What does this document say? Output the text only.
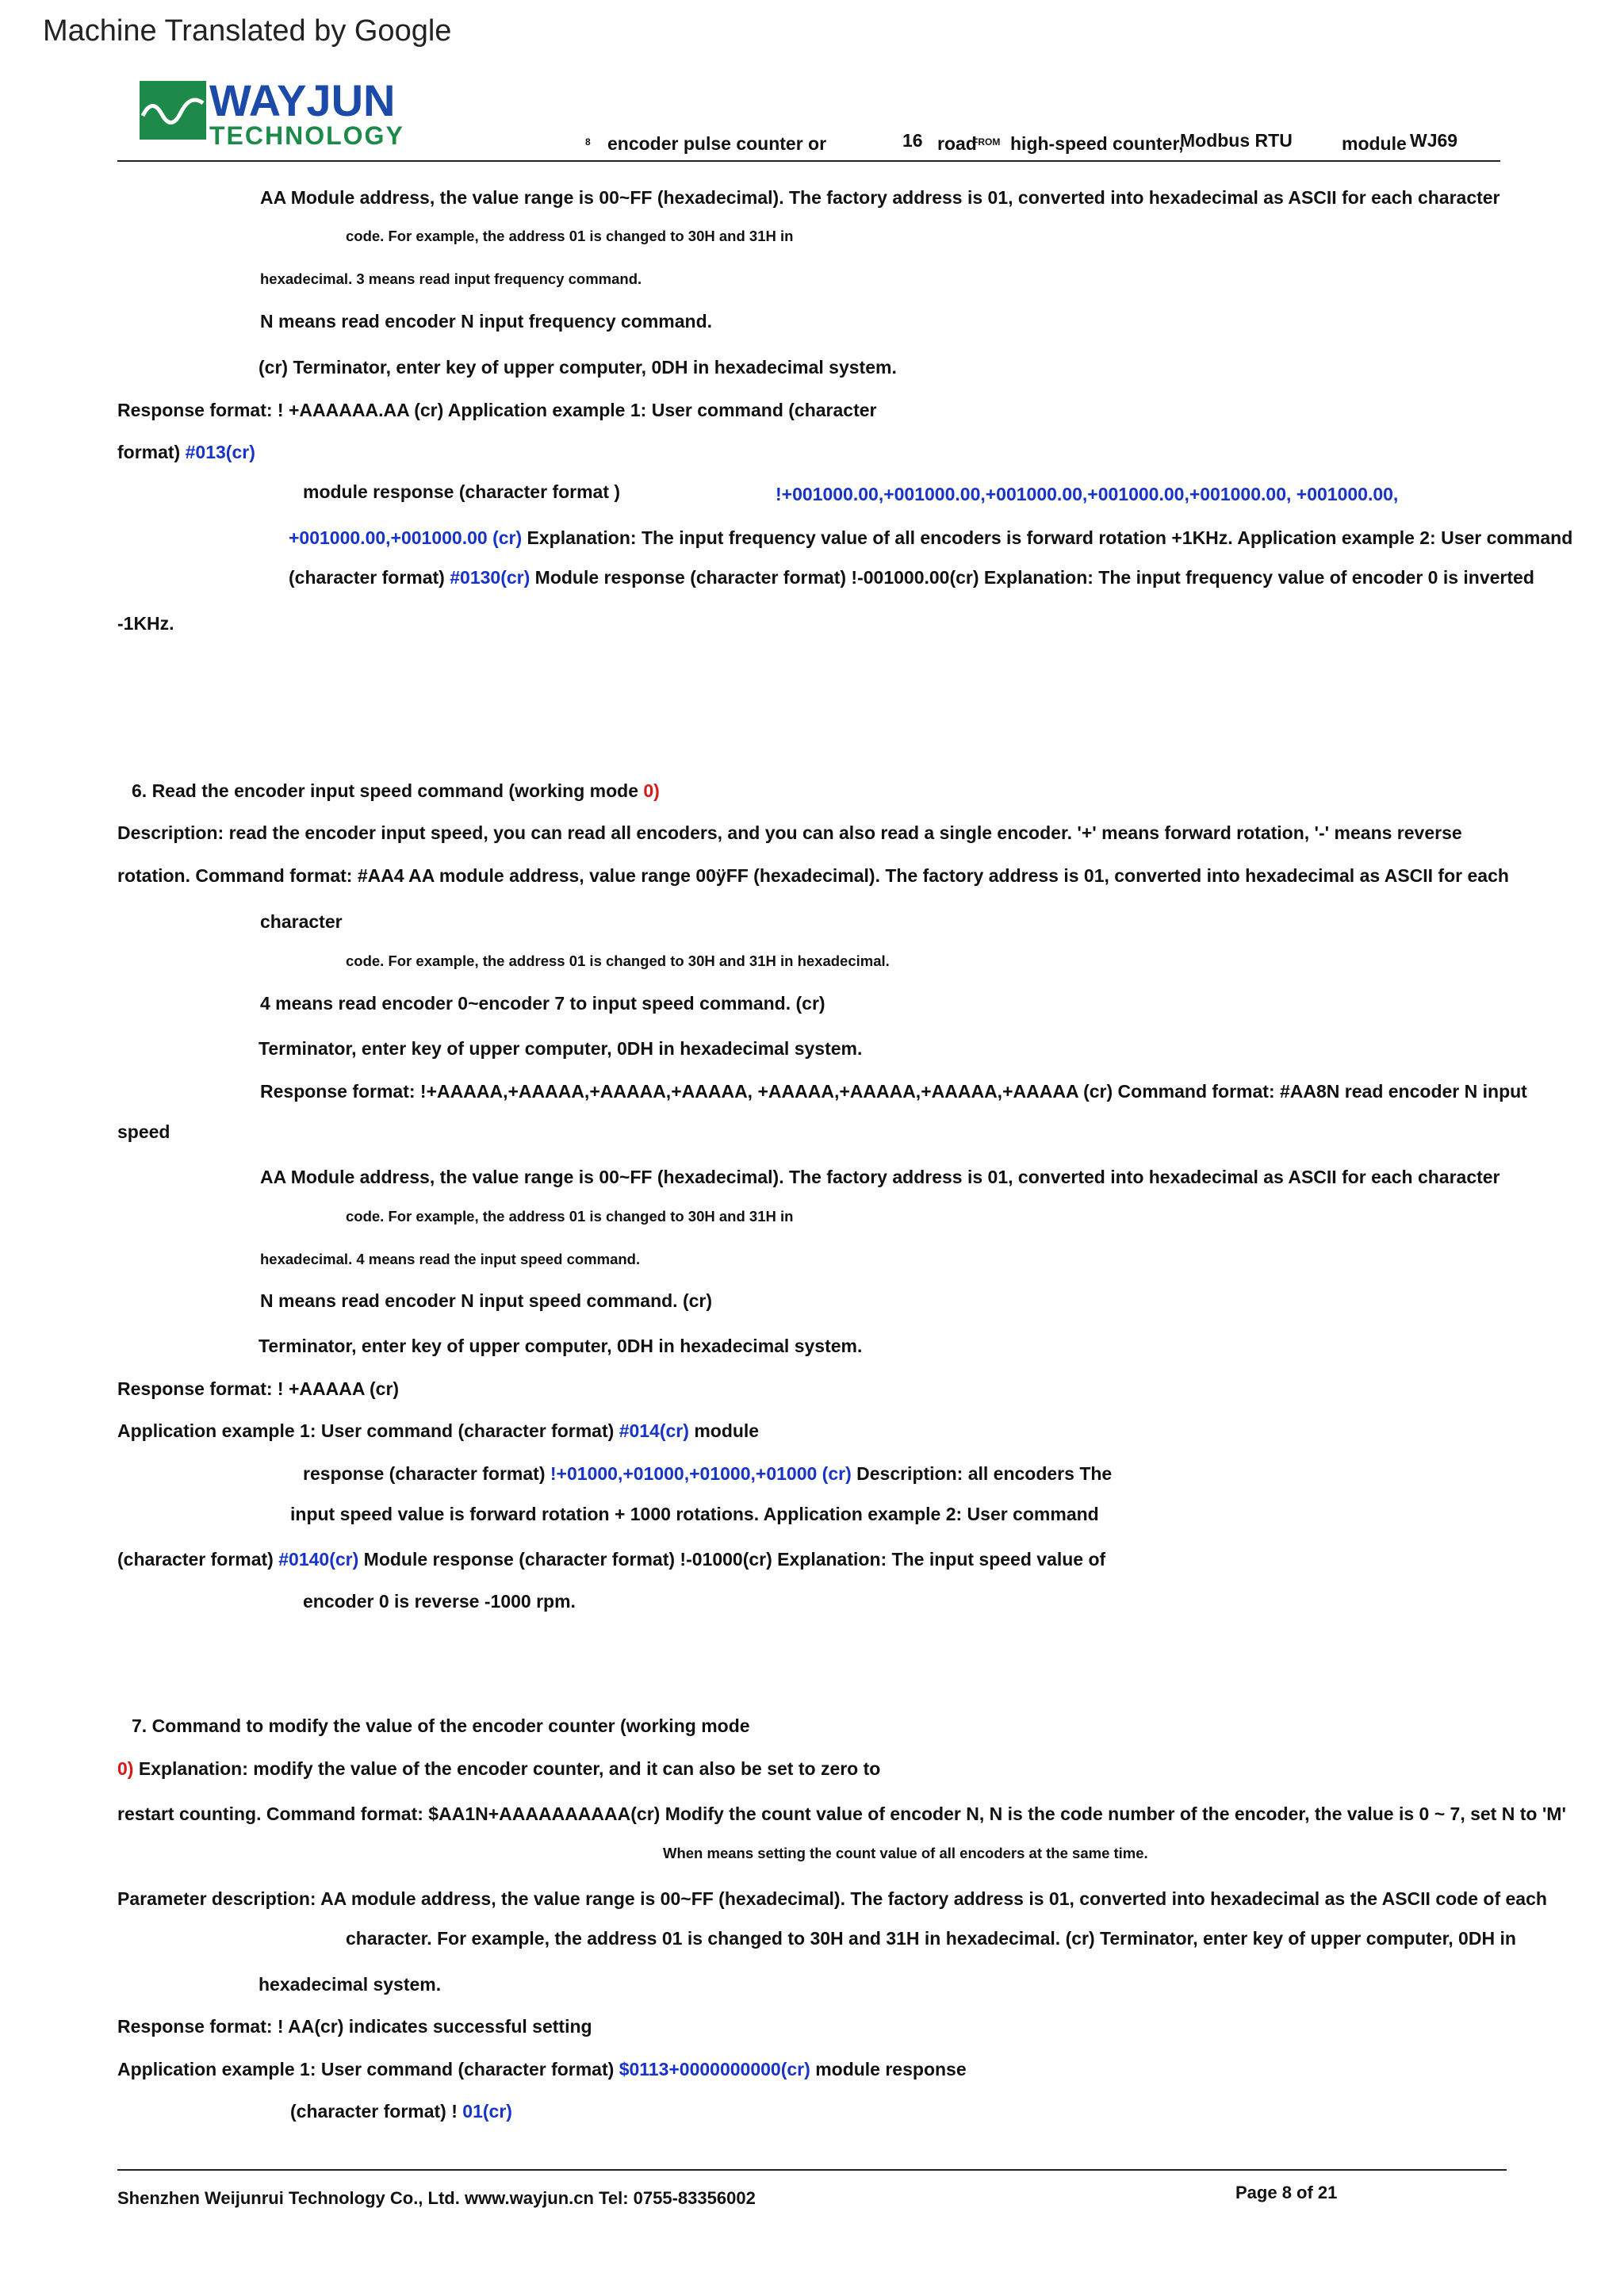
Machine Translated by Google
WAYJUN
TECHNOLOGY	8 encoder pulse counter or	16 road
FROM high-speed counter,
Modbus RTU	module WJ69
AA Module address, the value range is 00~FF (hexadecimal). The factory address is 01, converted into hexadecimal as ASCII for each character
code. For example, the address 01 is changed to 30H and 31H in
hexadecimal. 3 means read input frequency command.
N means read encoder N input frequency command.
(cr) Terminator, enter key of upper computer, 0DH in hexadecimal system.
Response format: ! +AAAAAA.AA (cr) Application example 1: User command (character
format) #013(cr)
module response (character format )	!+001000.00,+001000.00,+001000.00,+001000.00,+001000.00, +001000.00,
+001000.00,+001000.00 (cr) Explanation: The input frequency value of all encoders is forward rotation +1KHz. Application example 2: User command
(character format) #0130(cr) Module response (character format) !-001000.00(cr) Explanation: The input frequency value of encoder 0 is inverted
-1KHz.
6. Read the encoder input speed command (working mode 0)
Description: read the encoder input speed, you can read all encoders, and you can also read a single encoder. '+' means forward rotation, '-' means reverse
rotation. Command format: #AA4 AA module address, value range 00ÿFF (hexadecimal). The factory address is 01, converted into hexadecimal as ASCII for each
character
code. For example, the address 01 is changed to 30H and 31H in hexadecimal.
4 means read encoder 0~encoder 7 to input speed command. (cr)
Terminator, enter key of upper computer, 0DH in hexadecimal system.
Response format: !+AAAAA,+AAAAA,+AAAAA,+AAAAA, +AAAAA,+AAAAA,+AAAAA,+AAAAA (cr) Command format: #AA8N read encoder N input
speed
AA Module address, the value range is 00~FF (hexadecimal). The factory address is 01, converted into hexadecimal as ASCII for each character
code. For example, the address 01 is changed to 30H and 31H in
hexadecimal. 4 means read the input speed command.
N means read encoder N input speed command. (cr)
Terminator, enter key of upper computer, 0DH in hexadecimal system.
Response format: ! +AAAAA (cr)
Application example 1: User command (character format) #014(cr) module
response (character format) !+01000,+01000,+01000,+01000 (cr) Description: all encoders The
input speed value is forward rotation + 1000 rotations. Application example 2: User command
(character format) #0140(cr) Module response (character format) !-01000(cr) Explanation: The input speed value of
encoder 0 is reverse -1000 rpm.
7. Command to modify the value of the encoder counter (working mode
0) Explanation: modify the value of the encoder counter, and it can also be set to zero to
restart counting. Command format: $AA1N+AAAAAAAAAA(cr) Modify the count value of encoder N, N is the code number of the encoder, the value is 0 ~ 7, set N to 'M'
When means setting the count value of all encoders at the same time.
Parameter description: AA module address, the value range is 00~FF (hexadecimal). The factory address is 01, converted into hexadecimal as the ASCII code of each
character. For example, the address 01 is changed to 30H and 31H in hexadecimal. (cr) Terminator, enter key of upper computer, 0DH in
hexadecimal system.
Response format: ! AA(cr) indicates successful setting
Application example 1: User command (character format) $0113+0000000000(cr) module response
(character format) ! 01(cr)
Shenzhen Weijunrui Technology Co., Ltd. www.wayjun.cn Tel: 0755-83356002	Page 8 of 21
